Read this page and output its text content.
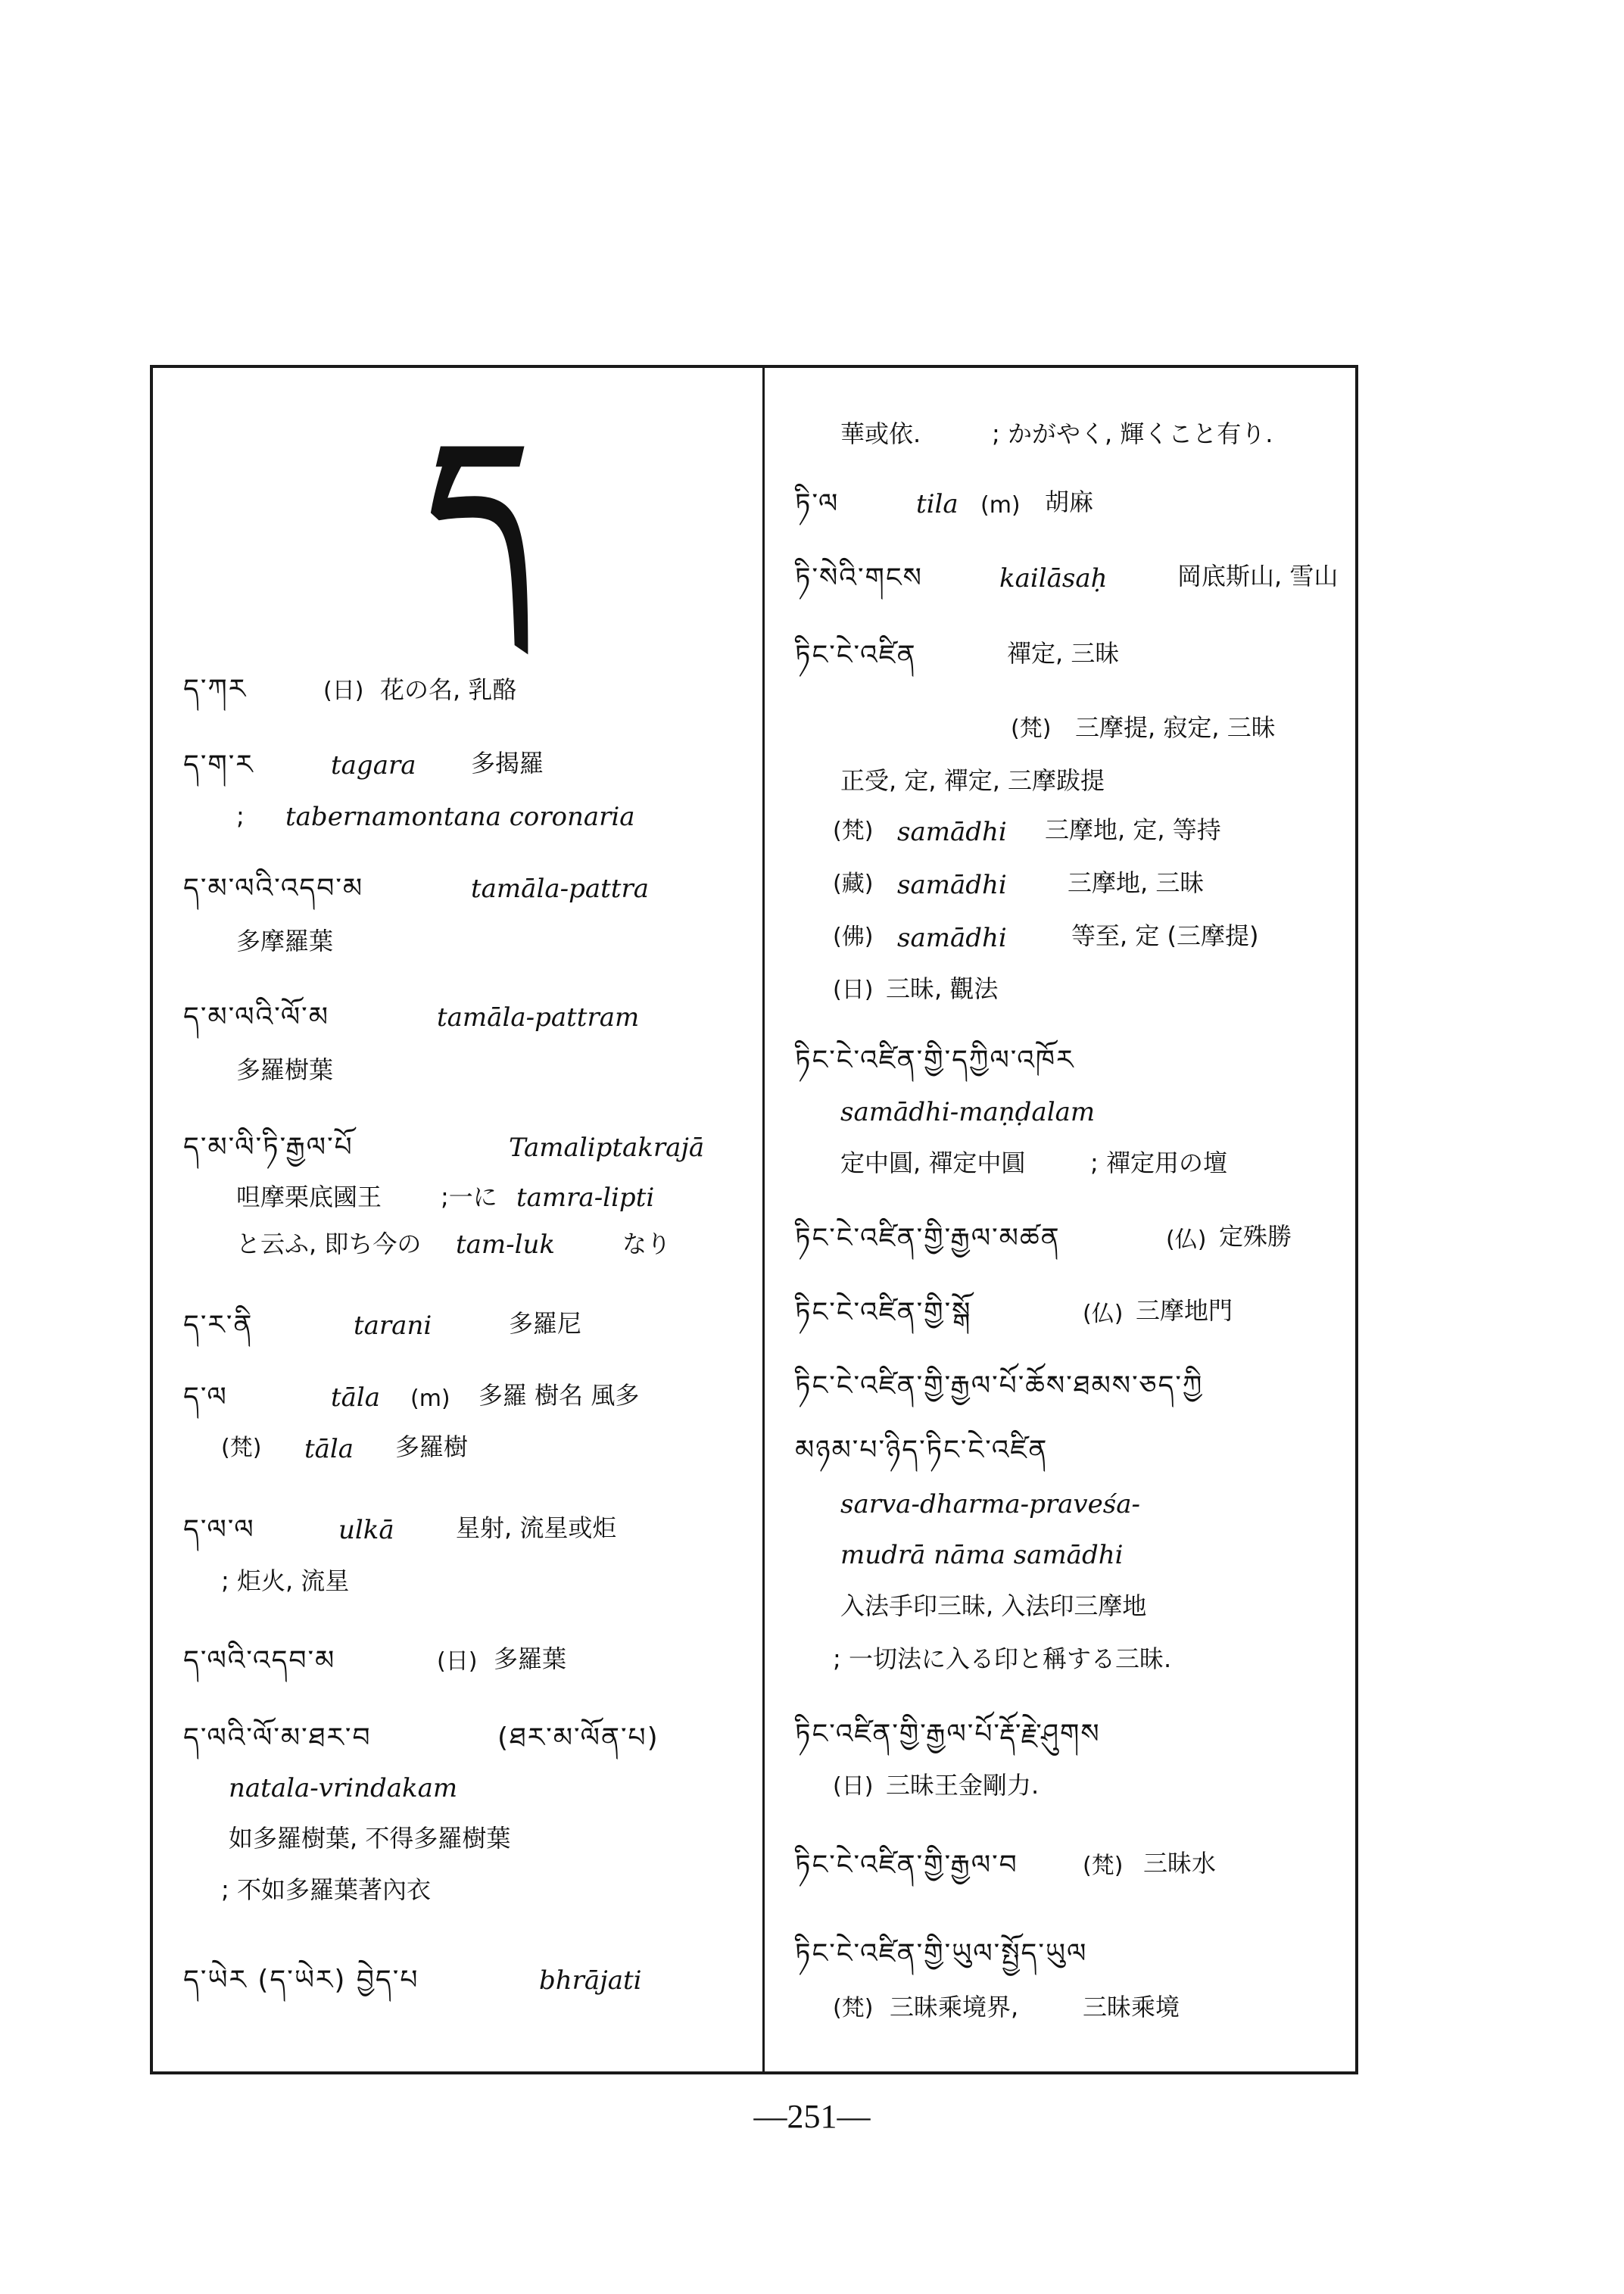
ད
ད་ཀར	(日) 花の名, 乳酪
ད་ག་ར	tagara 多揭羅
; tabernamontana coronaria
ད་མ་ལའི་འདབ་མ	tamāla-pattra
多摩羅葉
ད་མ་ལའི་ལོ་མ	tamāla-pattram
多羅樹葉
ད་མ་ལི་ཏི་རྒྱལ་པོ	Tamaliptakrajā
呾摩栗底國王 ;一に tamra-lipti
と云ふ, 即ち今の tam-luk	なり
ད་ར་ནི	tarani	多羅尼
ད་ལ	tāla (m) 多羅 樹名 風多
(梵) tāla 多羅樹
ད་ལ་ལ	ulkā	星射, 流星或炬
; 炬火, 流星
ད་ལའི་འདབ་མ	(日) 多羅葉
ད་ལའི་ལོ་མ་ཐར་བ	(ཐར་མ་ལོན་པ)
natala-vrindakam
如多羅樹葉, 不得多羅樹葉
; 不如多羅葉著內衣
ད་ཡེར (ད་ཡེར) བྱེད་པ	bhrājati
華或依.	; かがやく, 輝くこと有り.
ཏི་ལ	tila (m) 胡麻
ཏི་སེའི་གངས	kailāsaḥ	岡底斯山, 雪山
ཏིང་ངེ་འཛིན	禪定, 三昧
(梵) 三摩提, 寂定, 三昧
正受, 定, 禪定, 三摩跋提
(梵) samādhi 三摩地, 定, 等持
(藏) samādhi	三摩地, 三昧
(佛) samādhi	等至, 定 (三摩提)
(日) 三昧, 觀法
ཏིང་ངེ་འཛིན་གྱི་དཀྱིལ་འཁོར
samādhi-maṇḍalam
定中圓, 禪定中圓	; 禪定用の壇
ཏིང་ངེ་འཛིན་གྱི་རྒྱལ་མཚན	(仏) 定殊勝
ཏིང་ངེ་འཛིན་གྱི་སྒོ	(仏) 三摩地門
ཏིང་ངེ་འཛིན་གྱི་རྒྱལ་པོ་ཆོས་ཐམས་ཅད་ཀྱི
མཉམ་པ་ཉིད་ཏིང་ངེ་འཛིན
sarva-dharma-praveśa-
mudrā nāma samādhi
入法手印三昧, 入法印三摩地
; 一切法に入る印と稱する三昧.
ཏིང་འཛིན་གྱི་རྒྱལ་པོ་རྡོ་རྗེ་ཤུགས
(日) 三昧王金剛力.
ཏིང་ངེ་འཛིན་གྱི་རྒྱལ་བ	(梵) 三昧水
ཏིང་ངེ་འཛིན་གྱི་ཡུལ་སྤྱོད་ཡུལ
(梵) 三昧乘境界,	三昧乘境
—251—
